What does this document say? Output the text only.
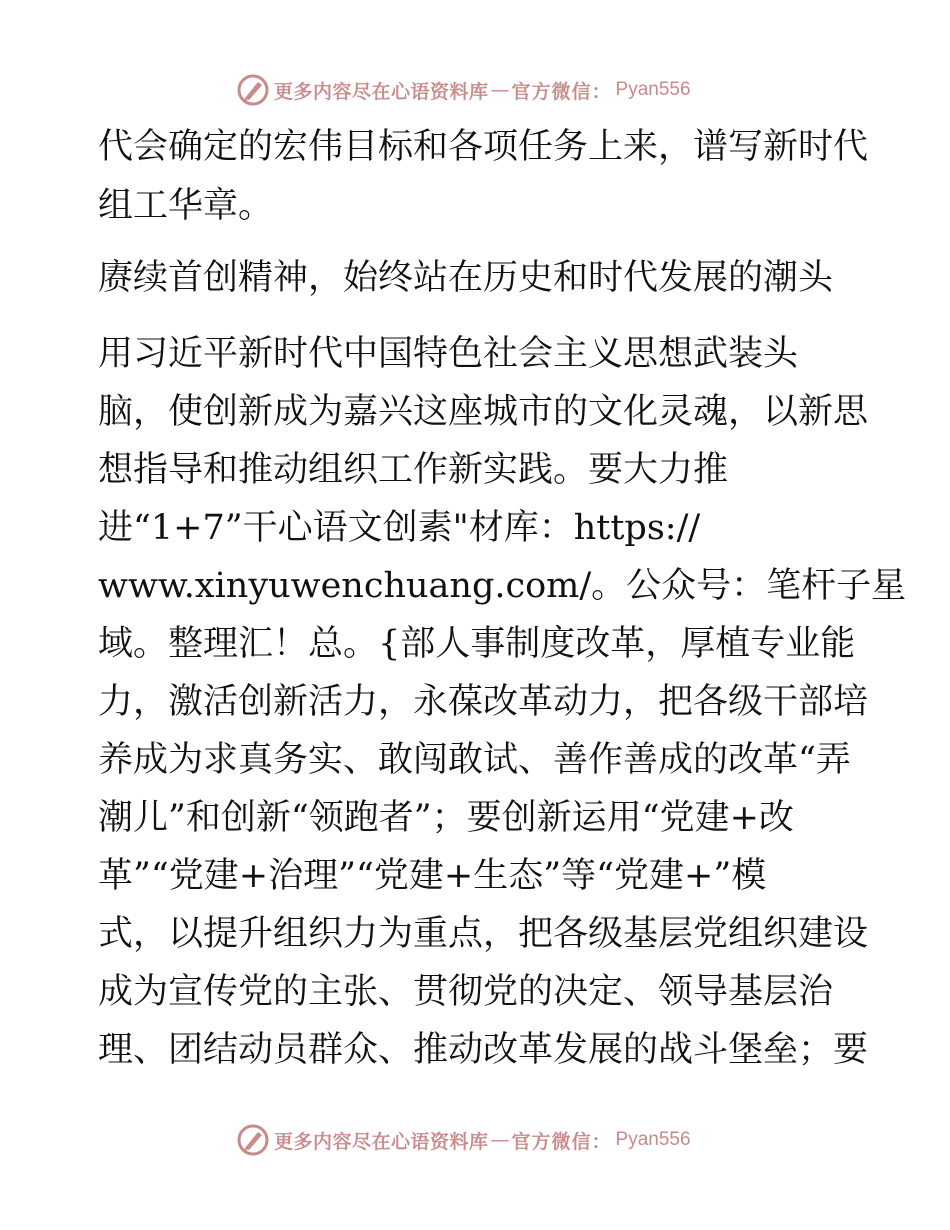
更多内容尽在心语资料库 — 官方微信： Pyan556
代会确定的宏伟目标和各项任务上来，谱写新时代
组工华章。
赓续首创精神，始终站在历史和时代发展的潮头
用习近平新时代中国特色社会主义思想武装头
脑，使创新成为嘉兴这座城市的文化灵魂，以新思
想指导和推动组织工作新实践。要大力推
进“1+7”干心语文创素"材库：https://
www.xinyuwenchuang.com/。公众号：笔杆子星
域。整理汇！总。{部人事制度改革，厚植专业能
力，激活创新活力，永葆改革动力，把各级干部培
养成为求真务实、敢闯敢试、善作善成的改革“弄
潮儿”和创新“领跑者”；要创新运用“党建+改
革”“党建+治理”“党建+生态”等“党建+”模
式，以提升组织力为重点，把各级基层党组织建设
成为宣传党的主张、贯彻党的决定、领导基层治
理、团结动员群众、推动改革发展的战斗堡垒；要
更多内容尽在心语资料库 — 官方微信： Pyan556
